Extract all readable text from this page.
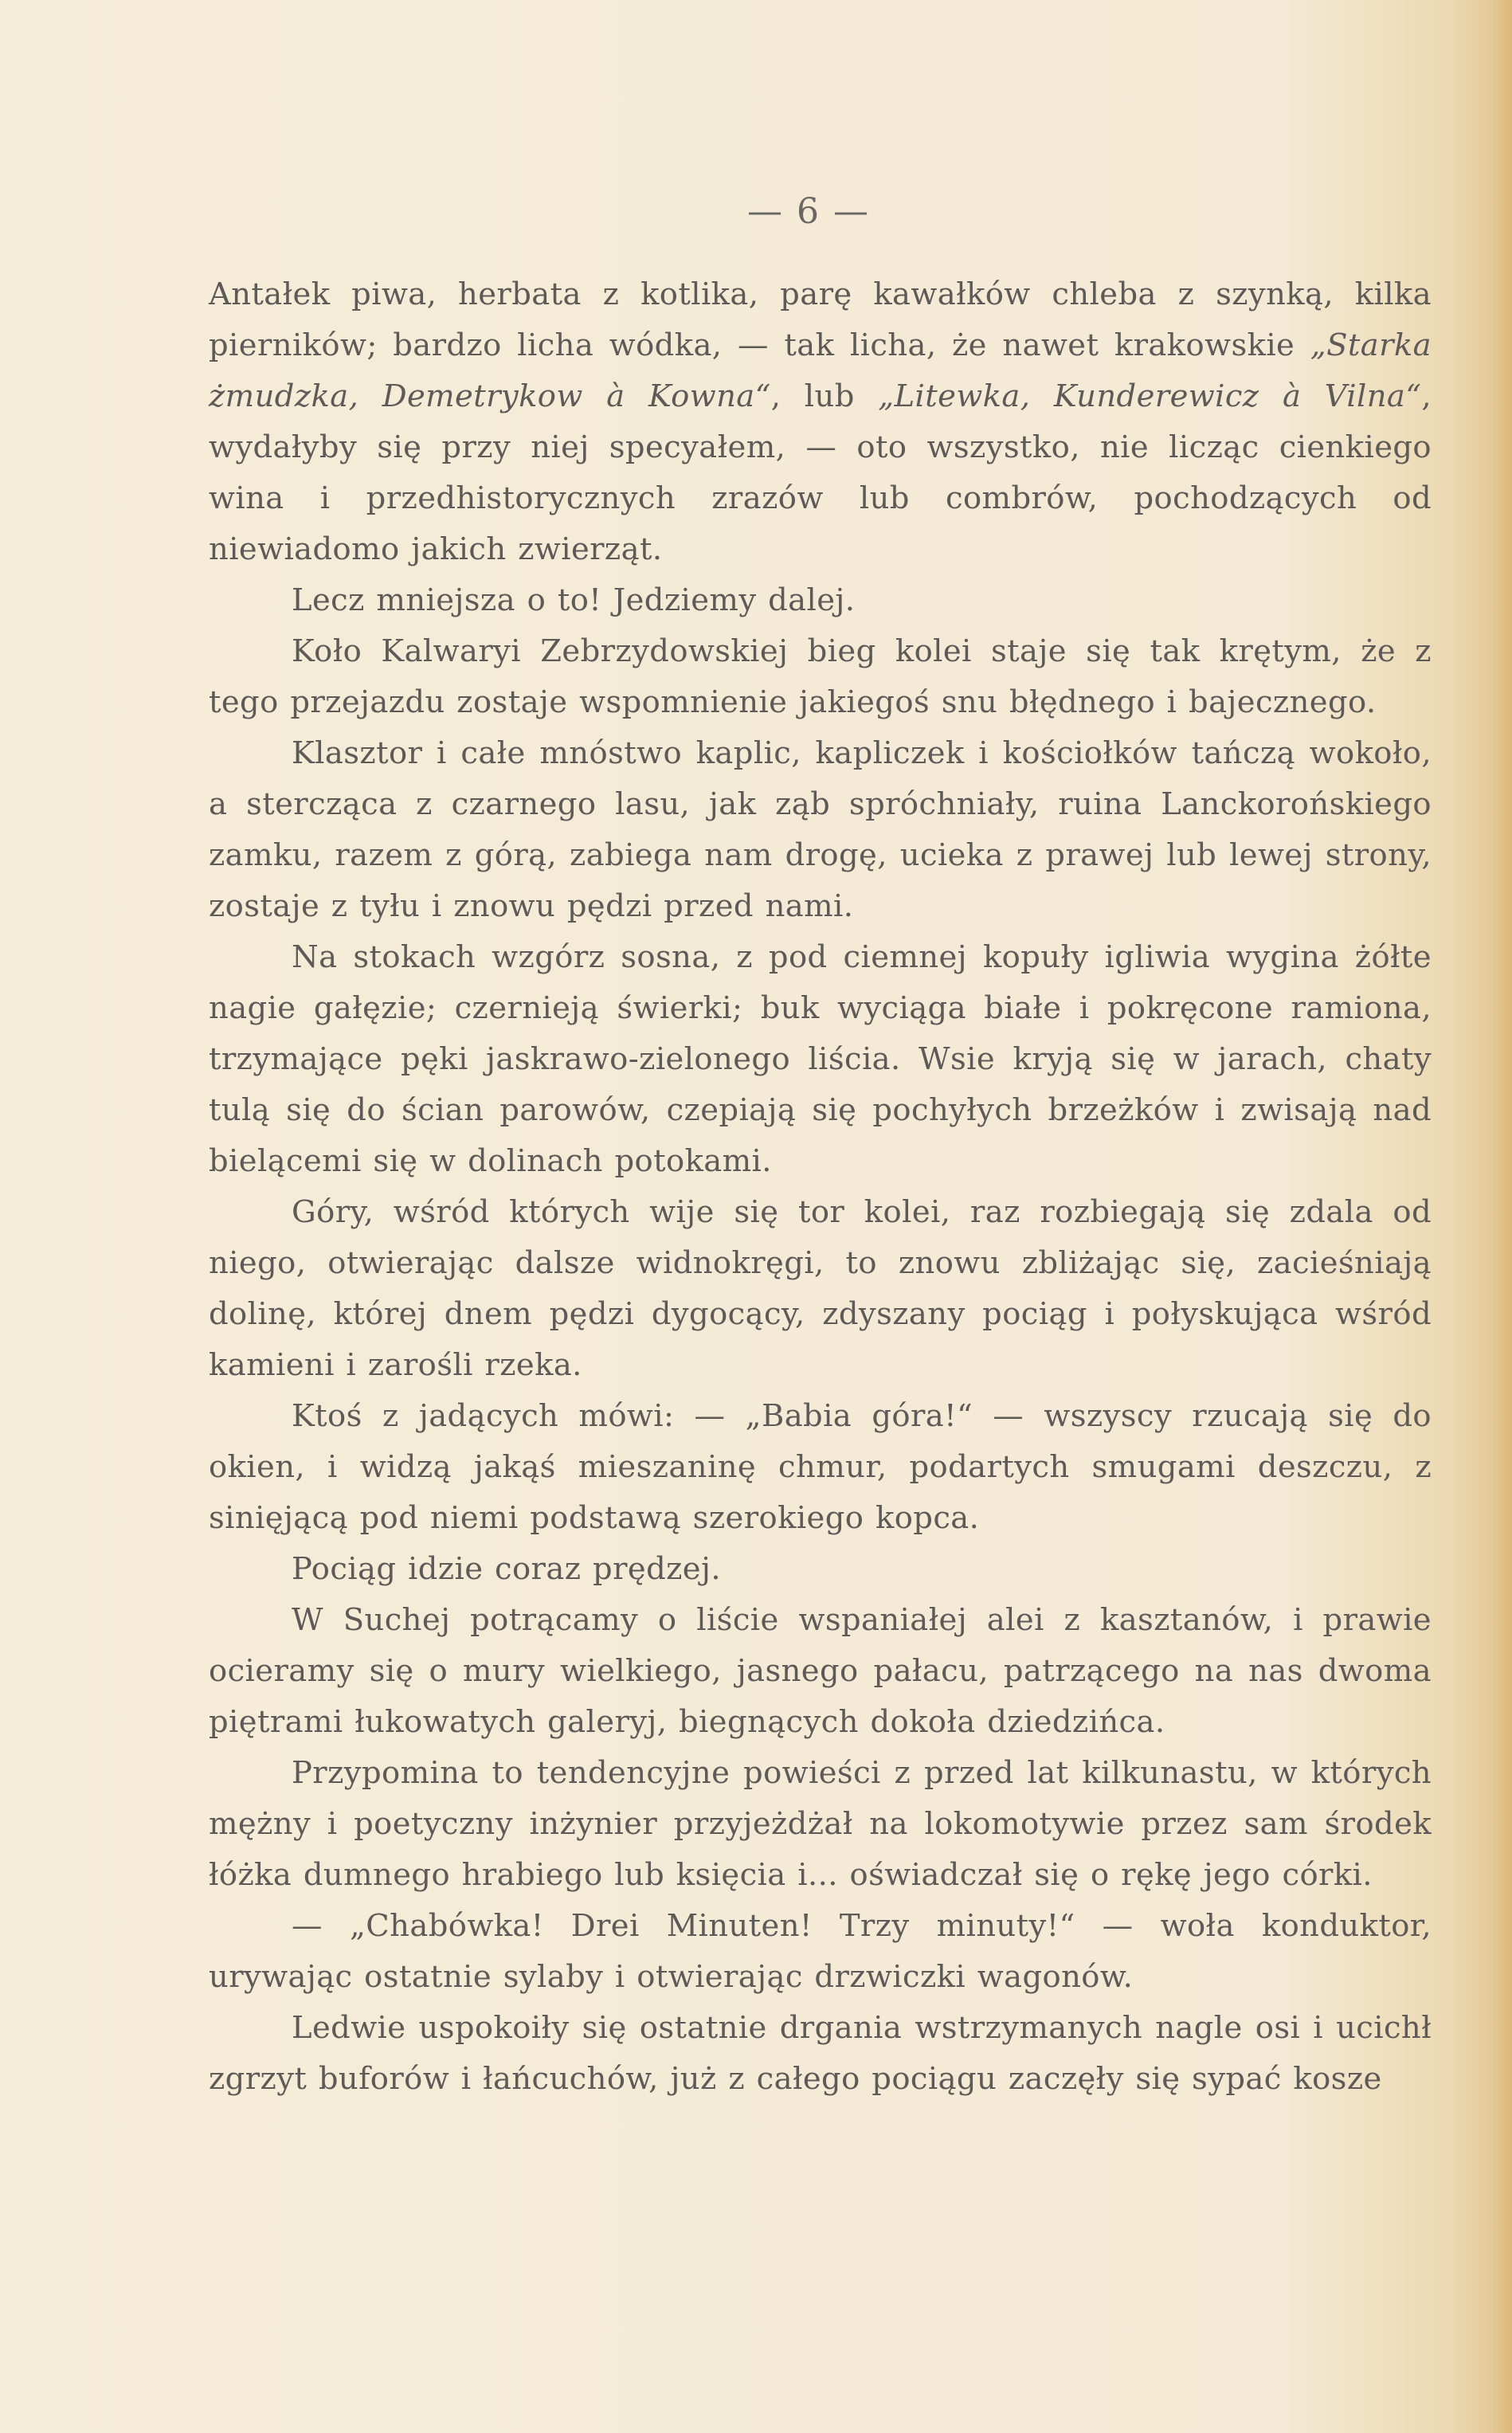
— 6 —

Antałek piwa, herbata z kotlika, parę kawałków chleba z szynką, kilka pierników; bardzo licha wódka, — tak licha, że nawet krakowskie „Starka żmudzka, Demetrykow à Kowna“, lub „Litewka, Kunderewicz à Vilna“, wydałyby się przy niej specyałem, — oto wszystko, nie licząc cienkiego wina i przedhistorycznych zrazów lub combrów, pochodzących od niewiadomo jakich zwierząt.

Lecz mniejsza o to! Jedziemy dalej.

Koło Kalwaryi Zebrzydowskiej bieg kolei staje się tak krętym, że z tego przejazdu zostaje wspomnienie jakiegoś snu błędnego i bajecznego.

Klasztor i całe mnóstwo kaplic, kapliczek i kościołków tańczą wokoło, a stercząca z czarnego lasu, jak ząb spróchniały, ruina Lanckorońskiego zamku, razem z górą, zabiega nam drogę, ucieka z prawej lub lewej strony, zostaje z tyłu i znowu pędzi przed nami.

Na stokach wzgórz sosna, z pod ciemnej kopuły igliwia wygina żółte nagie gałęzie; czernieją świerki; buk wyciąga białe i pokręcone ramiona, trzymające pęki jaskrawo-zielonego liścia. Wsie kryją się w jarach, chaty tulą się do ścian parowów, czepiają się pochyłych brzeżków i zwisają nad bielącemi się w dolinach potokami.

Góry, wśród których wije się tor kolei, raz rozbiegają się zdala od niego, otwierając dalsze widnokręgi, to znowu zbliżając się, zacieśniają dolinę, której dnem pędzi dygocący, zdyszany pociąg i połyskująca wśród kamieni i zarośli rzeka.

Ktoś z jadących mówi: — „Babia góra!“ — wszyscy rzucają się do okien, i widzą jakąś mieszaninę chmur, podartych smugami deszczu, z sinięjącą pod niemi podstawą szerokiego kopca.

Pociąg idzie coraz prędzej.

W Suchej potrącamy o liście wspaniałej alei z kasztanów, i prawie ocieramy się o mury wielkiego, jasnego pałacu, patrzącego na nas dwoma piętrami łukowatych galeryj, biegnących dokoła dziedzińca.

Przypomina to tendencyjne powieści z przed lat kilkunastu, w których mężny i poetyczny inżynier przyjeżdżał na lokomotywie przez sam środek łóżka dumnego hrabiego lub księcia i... oświadczał się o rękę jego córki.

— „Chabówka! Drei Minuten! Trzy minuty!“ — woła konduktor, urywając ostatnie sylaby i otwierając drzwiczki wagonów.

Ledwie uspokoiły się ostatnie drgania wstrzymanych nagle osi i ucichł zgrzyt buforów i łańcuchów, już z całego pociągu zaczęły się sypać kosze
